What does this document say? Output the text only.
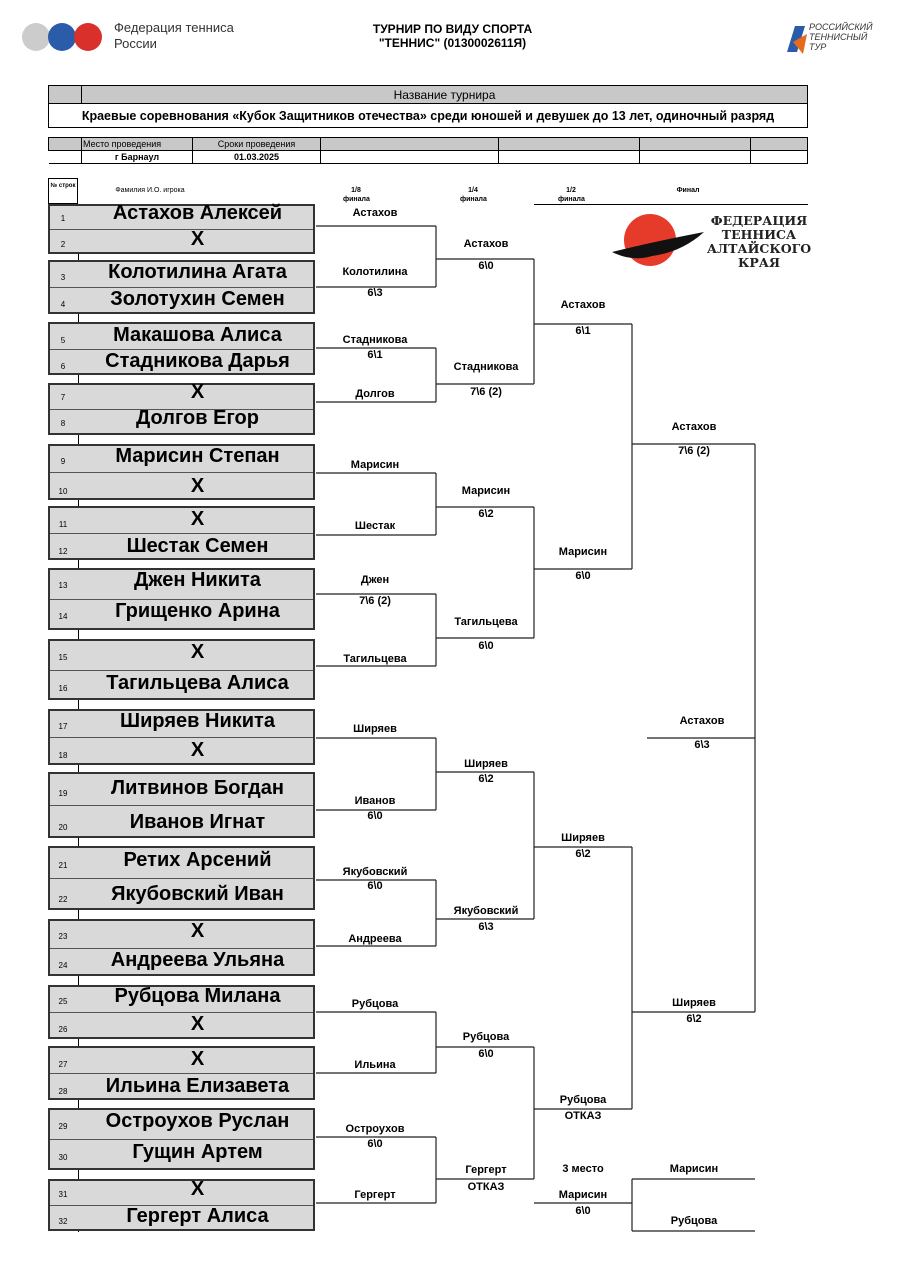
Федерация тенниса России
ТУРНИР ПО ВИДУ СПОРТА
"ТЕННИС" (0130002611Я)
РОССИЙСКИЙ ТЕННИСНЫЙ ТУР
	Название турнира
Краевые соревнования «Кубок Защитников отечества» среди юношей и девушек до 13 лет, одиночный разряд
	Место проведения	Сроки проведения				
	г Барнаул	01.03.2025				
№ строк
Фамилия И.О. игрока	1/8 финала
1/4 финала
1/2 финала
Финал
ФЕДЕРАЦИЯ ТЕННИСА АЛТАЙСКОГО КРАЯ
1	Астахов Алексей
2	X
3	Колотилина Агата
4	Золотухин Семен
5	Макашова Алиса
6	Стадникова Дарья
7	X
8	Долгов Егор
9	Марисин Степан
10	X
11	X
12	Шестак Семен
13	Джен Никита
14	Грищенко Арина
15	X
16	Тагильцева Алиса
17	Ширяев Никита
18	X
19	Литвинов Богдан
20	Иванов Игнат
21	Ретих Арсений
22	Якубовский Иван
23	X
24	Андреева Ульяна
25	Рубцова Милана
26	X
27	X
28	Ильина Елизавета
29	Остроухов Руслан
30	Гущин Артем
31	X
32	Гергерт Алиса
Астахов
Колотилина
6\3
Стадникова
6\1
Долгов
Марисин
Шестак
Джен
7\6 (2)
Тагильцева
Ширяев
Иванов
6\0
Якубовский
6\0
Андреева
Рубцова
Ильина
Остроухов
6\0
Гергерт
Астахов
6\0
Стадникова
7\6 (2)
Марисин
6\2
Тагильцева
6\0
Ширяев
6\2
Якубовский
6\3
Рубцова
6\0
Гергерт
ОТКАЗ
Астахов
6\1
Марисин
6\0
Ширяев
6\2
Рубцова
ОТКАЗ
Астахов
7\6 (2)
Ширяев
6\2
Астахов
6\3
3 место
Марисин
6\0
Марисин
Рубцова
